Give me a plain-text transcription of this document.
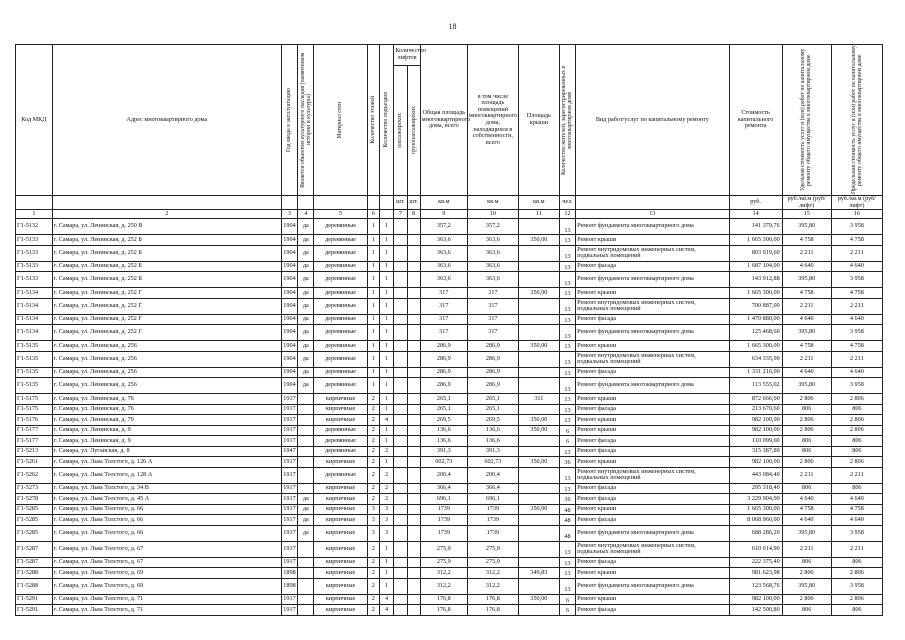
18
Код МКД	Адрес многоквартирного дома	Год ввода в эксплуатацию	Является объектом культурного наследия (памятником истории и культуры)	Материал стен	Количество этажей	Количество подъездов	Количество лифтов		Общая площадь многоквартирного дома, всего	в том числе площадь помещений многоквартирного дома, находящихся в собственности, всего	Площадь крыши	Количество жителей, зарегистрированных в многоквартирном доме	Вид работ/услуг по капитальному ремонту	Стоимость капитального ремонта	Удельная стоимость услуг и (или) работ по капитальному ремонту общего имущества в многоквартирном доме	Предельная стоимость услуг и (или) работ по капитальному ремонту общего имущества в многоквартирном доме

							пассажирских	грузопассажирских								

							шт.	шт.	кв.м	кв.м	кв.м	чел.		руб.	руб./кв.м (руб/лифт)	руб./кв.м (руб/лифт)
1	2	3	4	5	6		7	8	9	10	11	12	13	14	15	16
Г1-5132	г. Самара, ул. Ленинская, д. 250 В	1904	да	деревянные	1	1			357,2	357,2		13	Ремонт фундамента многоквартирного дома	141 379,76	395,80	3 958
Г1-5133	г. Самара, ул. Ленинская, д. 252 Б	1904	да	деревянные	1	1			363,6	363,6	350,00	13	Ремонт крыши	1 665 300,00	4 758	4 758
Г1-5133	г. Самара, ул. Ленинская, д. 252 Б	1904	да	деревянные	1	1			363,6	363,6		13	Ремонт внутридомовых инженерных систем, подвальных помещений	803 919,60	2 211	2 211
Г1-5133	г. Самара, ул. Ленинская, д. 252 Б	1904	да	деревянные	1	1			363,6	363,6		13	Ремонт фасада	1 687 104,00	4 640	4 640
Г1-5133	г. Самара, ул. Ленинская, д. 252 Б	1904	да	деревянные	1	1			363,6	363,6		13	Ремонт фундамента многоквартирного дома	143 912,88	395,80	3 958
Г1-5134	г. Самара, ул. Ленинская, д. 252 Г	1904	да	деревянные	1	1			317	317	350,00	13	Ремонт крыши	1 665 300,00	4 758	4 758
Г1-5134	г. Самара, ул. Ленинская, д. 252 Г	1904	да	деревянные	1	1			317	317		13	Ремонт внутридомовых инженерных систем, подвальных помещений	700 887,00	2 211	2 211
Г1-5134	г. Самара, ул. Ленинская, д. 252 Г	1904	да	деревянные	1	1			317	317		13	Ремонт фасада	1 470 880,00	4 640	4 640
Г1-5134	г. Самара, ул. Ленинская, д. 252 Г	1904	да	деревянные	1	1			317	317		13	Ремонт фундамента многоквартирного дома	125 468,60	395,80	3 958
Г1-5135	г. Самара, ул. Ленинская, д. 256	1904	да	деревянные	1	1			286,9	286,9	350,00	13	Ремонт крыши	1 665 300,00	4 758	4 758
Г1-5135	г. Самара, ул. Ленинская, д. 256	1904	да	деревянные	1	1			286,9	286,9		13	Ремонт внутридомовых инженерных систем, подвальных помещений	634 335,90	2 211	2 211
Г1-5135	г. Самара, ул. Ленинская, д. 256	1904	да	деревянные	1	1			286,9	286,9		13	Ремонт фасада	1 331 216,00	4 640	4 640
Г1-5135	г. Самара, ул. Ленинская, д. 256	1904	да	деревянные	1	1			286,9	286,9		13	Ремонт фундамента многоквартирного дома	113 555,02	395,80	3 958
Г1-5175	г. Самара, ул. Ленинская, д. 76	1917		кирпичные	2	1			265,1	265,1	311	13	Ремонт крыши	872 666,00	2 806	2 806
Г1-5175	г. Самара, ул. Ленинская, д. 76	1917		кирпичные	2	1			265,1	265,1		13	Ремонт фасада	213 670,60	806	806
Г1-5176	г. Самара, ул. Ленинская, д. 79	1917		кирпичные	2	4			269,5	269,5	350,00	13	Ремонт крыши	982 100,00	2 806	2 806
Г1-5177	г. Самара, ул. Ленинская, д. 9	1917		деревянные	2	1			136,6	136,6	350,00	6	Ремонт крыши	982 100,00	2 806	2 806
Г1-5177	г. Самара, ул. Ленинская, д. 9	1917		деревянные	2	1			136,6	136,6		6	Ремонт фасада	110 099,60	806	806
Г1-5213	г. Самара, ул. Луганская, д. 8	1947		деревянные	2	2			391,3	391,3		13	Ремонт фасада	315 387,80	806	806
Г1-5261	г. Самара, ул. Льва Толстого, д. 126 А	1917		кирпичные	2	1			602,73	602,73	350,00	36	Ремонт крыши	982 100,00	2 806	2 806
Г1-5262	г. Самара, ул. Льва Толстого, д. 128 А	1917		деревянные	2	2			200,4	200,4		13	Ремонт внутридомовых инженерных систем, подвальных помещений	443 084,40	2 211	2 211
Г1-5273	г. Самара, ул. Льва Толстого, д. 34 В	1917		кирпичные	2	2			366,4	366,4		13	Ремонт фасада	295 318,40	806	806
Г1-5278	г. Самара, ул. Льва Толстого, д. 45 А	1917	да	кирпичные	2	2			696,1	696,1		36	Ремонт фасада	3 229 904,00	4 640	4 640
Г1-5285	г. Самара, ул. Льва Толстого, д. 66	1917	да	кирпичные	3	3			1739	1739	350,00	48	Ремонт крыши	1 665 300,00	4 758	4 758
Г1-5285	г. Самара, ул. Льва Толстого, д. 66	1917	да	кирпичные	3	3			1739	1739		48	Ремонт фасада	8 068 960,00	4 640	4 640
Г1-5285	г. Самара, ул. Льва Толстого, д. 66	1917	да	кирпичные	3	3			1739	1739		48	Ремонт фундамента многоквартирного дома	688 286,20	395,80	3 958
Г1-5287	г. Самара, ул. Льва Толстого, д. 67	1917		кирпичные	2	1			275,9	275,9		13	Ремонт внутридомовых инженерных систем, подвальных помещений	610 014,90	2 211	2 211
Г1-5287	г. Самара, ул. Льва Толстого, д. 67	1917		кирпичные	2	1			275,9	275,9		13	Ремонт фасада	222 375,40	806	806
Г1-5288	г. Самара, ул. Льва Толстого, д. 69	1898		кирпичные	2	1			312,2	312,2	349,83	13	Ремонт крыши	981 623,98	2 806	2 806
Г1-5288	г. Самара, ул. Льва Толстого, д. 69	1898		кирпичные	2	1			312,2	312,2		13	Ремонт фундамента многоквартирного дома	123 568,76	395,80	3 958
Г1-5291	г. Самара, ул. Льва Толстого, д. 71	1917		кирпичные	2	4			176,8	176,8	350,00	6	Ремонт крыши	982 100,00	2 806	2 806
Г1-5291	г. Самара, ул. Льва Толстого, д. 71	1917		кирпичные	2	4			176,8	176,8		6	Ремонт фасада	142 500,80	806	806
